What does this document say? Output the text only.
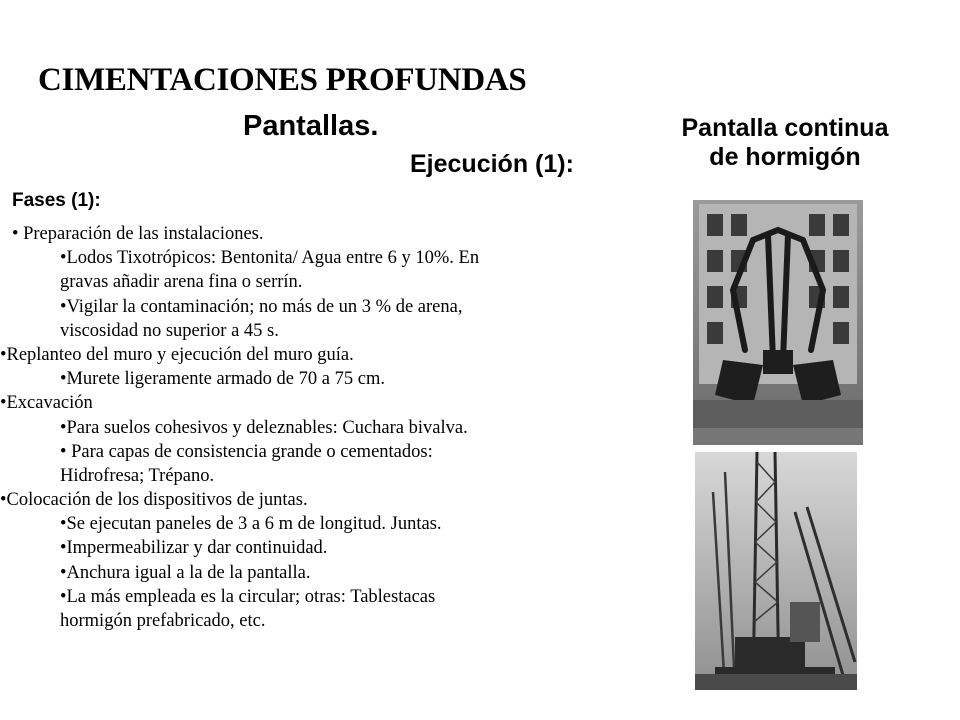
CIMENTACIONES PROFUNDAS
Pantallas.
Ejecución (1):
Pantalla continua
de hormigón
Fases (1):
• Preparación de las instalaciones.
•Lodos Tixotrópicos: Bentonita/ Agua entre 6 y 10%. En
gravas añadir arena fina o serrín.
•Vigilar la contaminación; no más de un 3 % de arena,
viscosidad no superior a 45 s.
•Replanteo del muro y ejecución del muro guía.
•Murete ligeramente armado de 70 a 75 cm.
•Excavación
•Para suelos cohesivos y deleznables: Cuchara bivalva.
• Para capas de consistencia grande o cementados:
Hidrofresa; Trépano.
•Colocación de los dispositivos de juntas.
•Se ejecutan paneles de 3 a 6 m de longitud. Juntas.
•Impermeabilizar y dar continuidad.
•Anchura igual a la de la pantalla.
•La más empleada es la circular; otras: Tablestacas
hormigón prefabricado, etc.
